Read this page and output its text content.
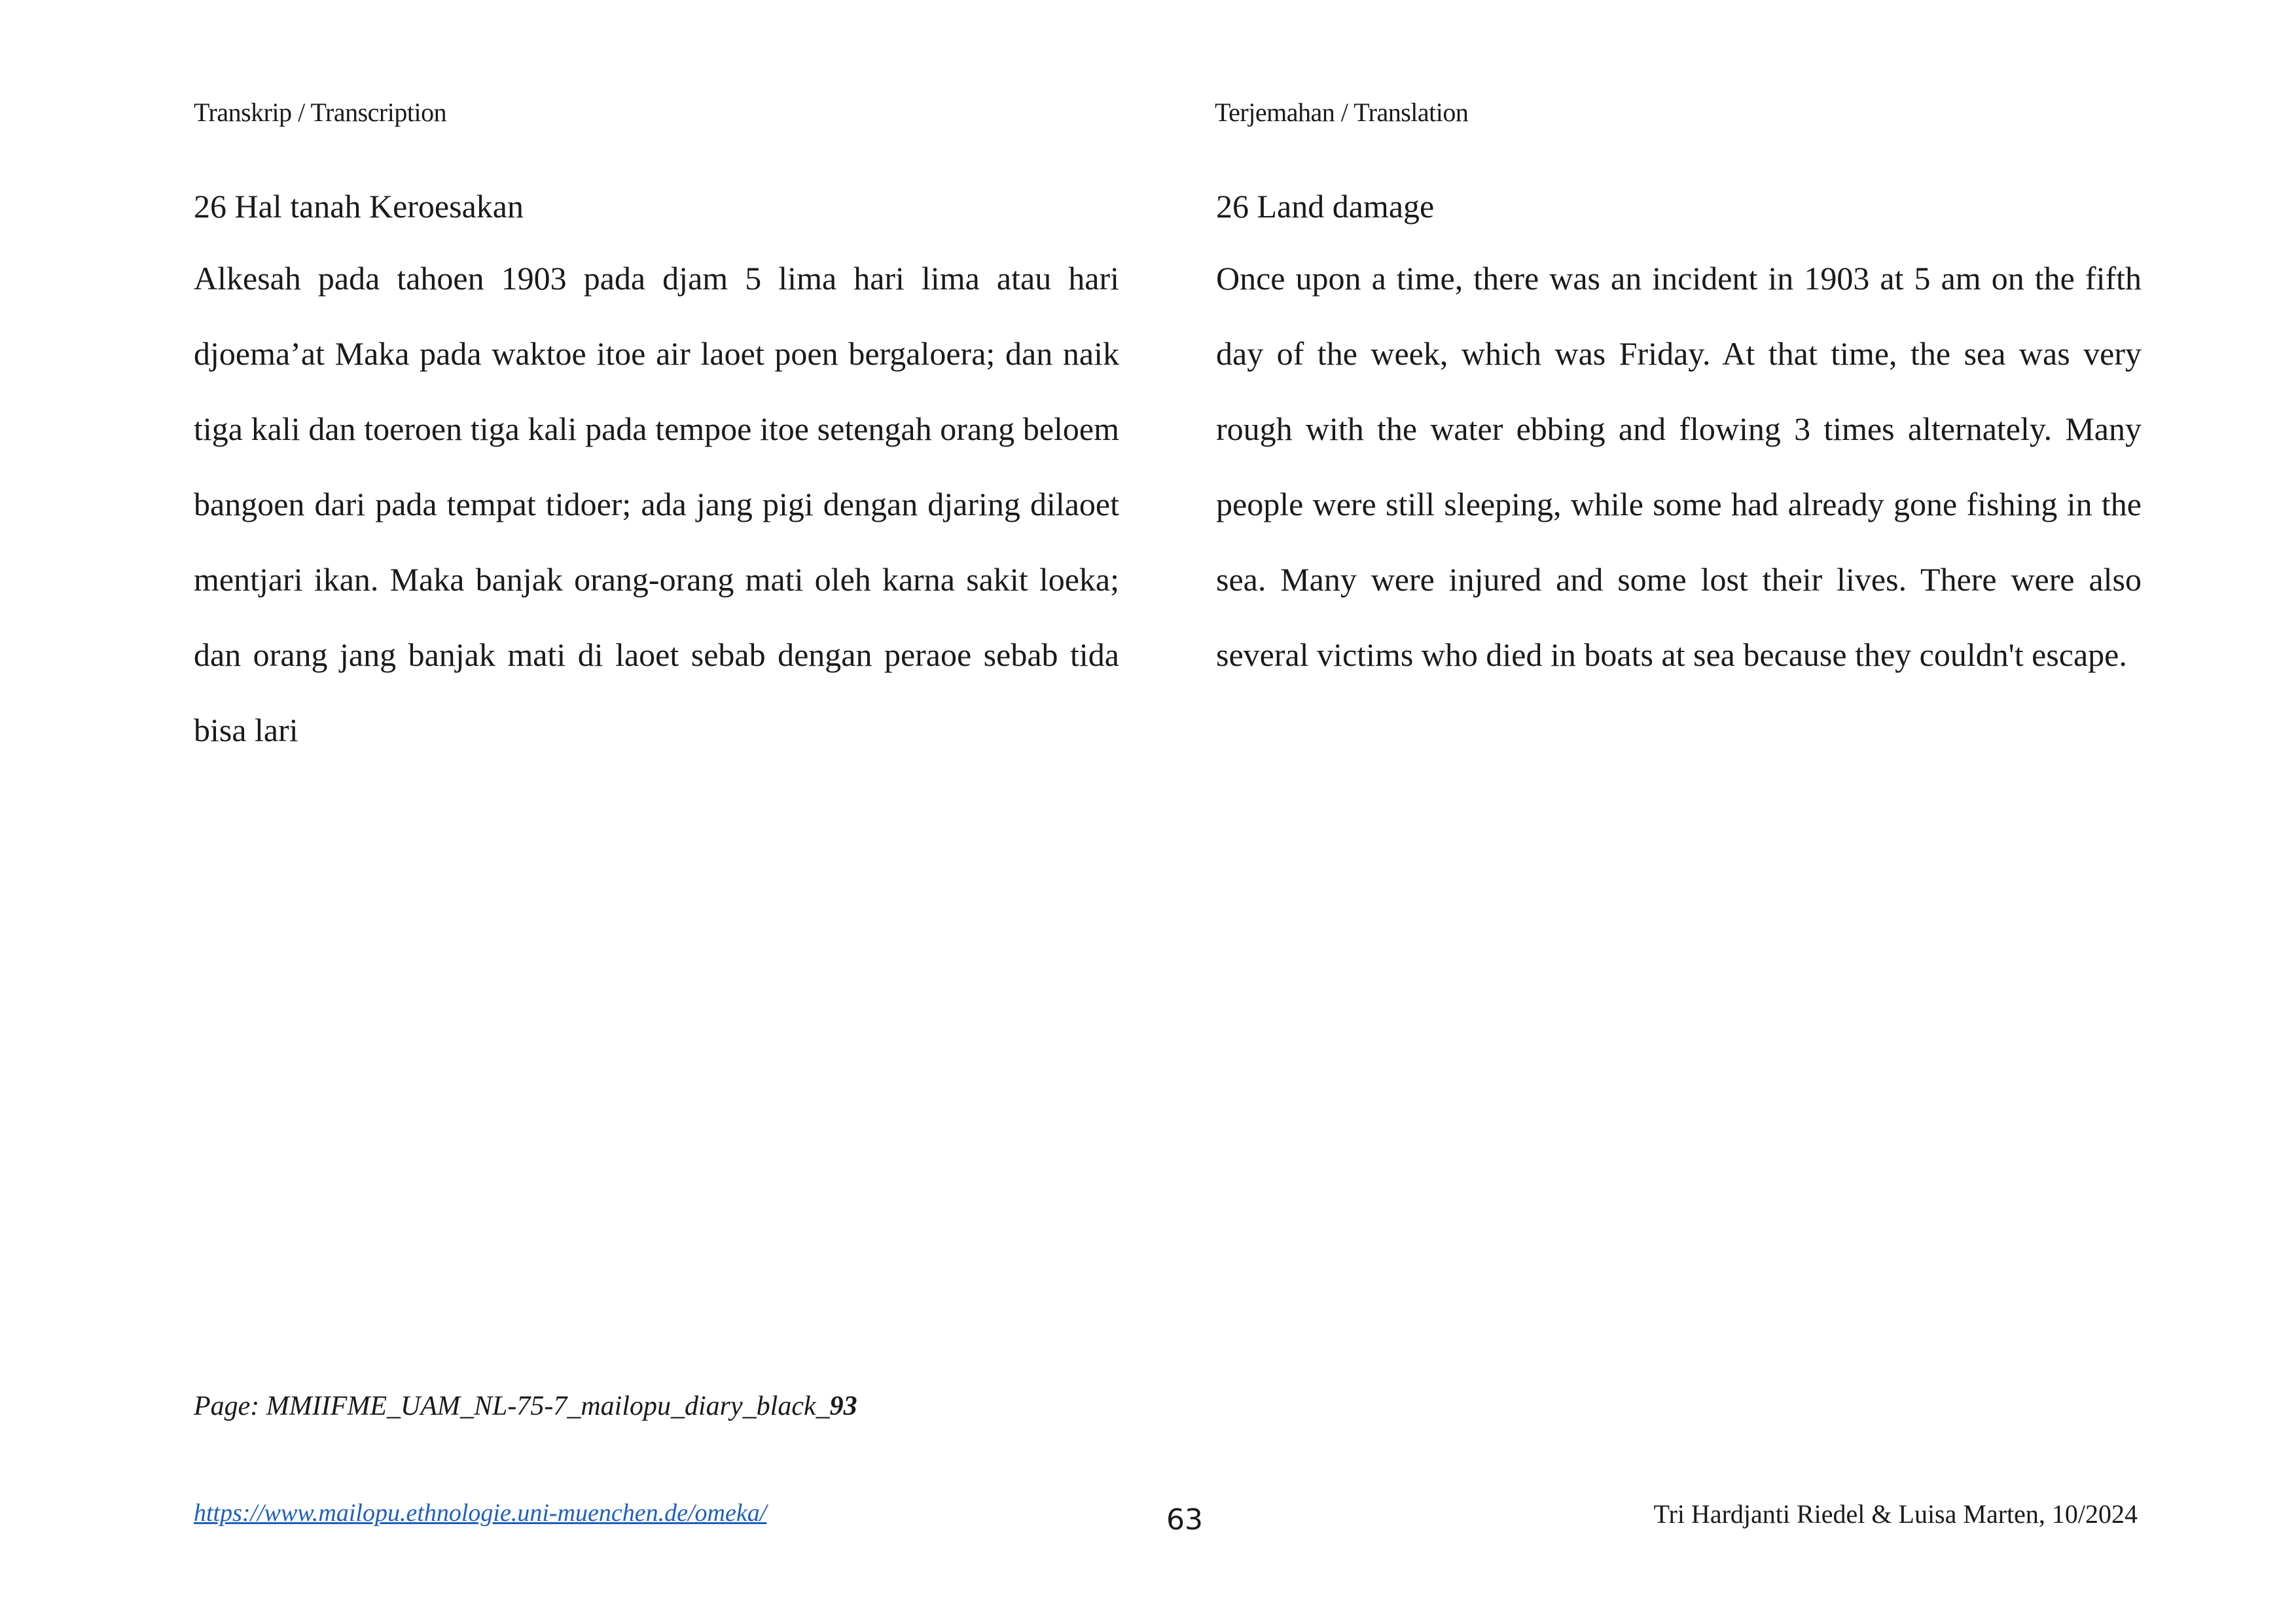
Transkrip / Transcription	Terjemahan / Translation

26 Hal tanah Keroesakan

Alkesah pada tahoen 1903 pada djam 5 lima hari lima atau hari djoema’at Maka pada waktoe itoe air laoet poen bergaloera; dan naik tiga kali dan toeroen tiga kali pada tempoe itoe setengah orang beloem bangoen dari pada tempat tidoer; ada jang pigi dengan djaring dilaoet mentjari ikan. Maka banjak orang-orang mati oleh karna sakit loeka; dan orang jang banjak mati di laoet sebab dengan peraoe sebab tida bisa lari

26 Land damage

Once upon a time, there was an incident in 1903 at 5 am on the fifth day of the week, which was Friday. At that time, the sea was very rough with the water ebbing and flowing 3 times alternately. Many people were still sleeping, while some had already gone fishing in the sea. Many were injured and some lost their lives. There were also several victims who died in boats at sea because they couldn't escape.

Page: MMIIFME_UAM_NL-75-7_mailopu_diary_black_93
https://www.mailopu.ethnologie.uni-muenchen.de/omeka/	63	Tri Hardjanti Riedel & Luisa Marten, 10/2024
